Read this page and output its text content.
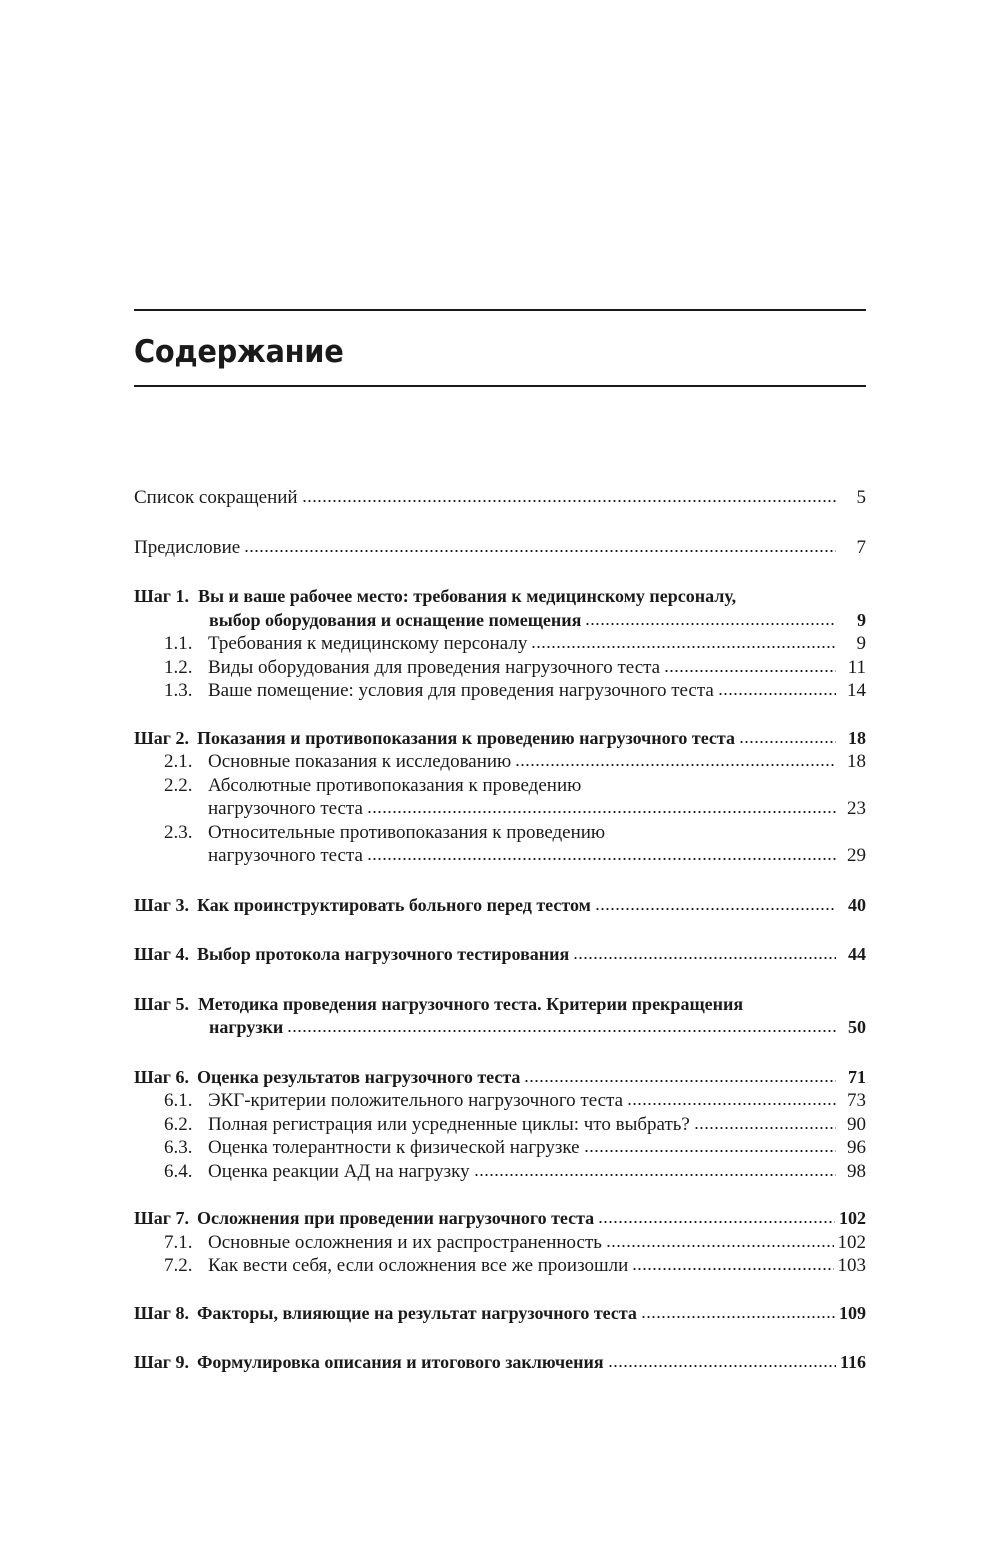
Содержание
Список сокращений	5
Предисловие	7
Шаг 1. Вы и ваше рабочее место: требования к медицинскому персоналу,
выбор оборудования и оснащение помещения	9
1.1. Требования к медицинскому персоналу	9
1.2. Виды оборудования для проведения нагрузочного теста	11
1.3. Ваше помещение: условия для проведения нагрузочного теста	14
Шаг 2. Показания и противопоказания к проведению нагрузочного теста	18
2.1. Основные показания к исследованию	18
2.2. Абсолютные противопоказания к проведению
нагрузочного теста	23
2.3. Относительные противопоказания к проведению
нагрузочного теста	29
Шаг 3. Как проинструктировать больного перед тестом	40
Шаг 4. Выбор протокола нагрузочного тестирования	44
Шаг 5. Методика проведения нагрузочного теста. Критерии прекращения
нагрузки	50
Шаг 6. Оценка результатов нагрузочного теста	71
6.1. ЭКГ-критерии положительного нагрузочного теста	73
6.2. Полная регистрация или усредненные циклы: что выбрать?	90
6.3. Оценка толерантности к физической нагрузке	96
6.4. Оценка реакции АД на нагрузку	98
Шаг 7. Осложнения при проведении нагрузочного теста	102
7.1. Основные осложнения и их распространенность	102
7.2. Как вести себя, если осложнения все же произошли	103
Шаг 8. Факторы, влияющие на результат нагрузочного теста	109
Шаг 9. Формулировка описания и итогового заключения	116
